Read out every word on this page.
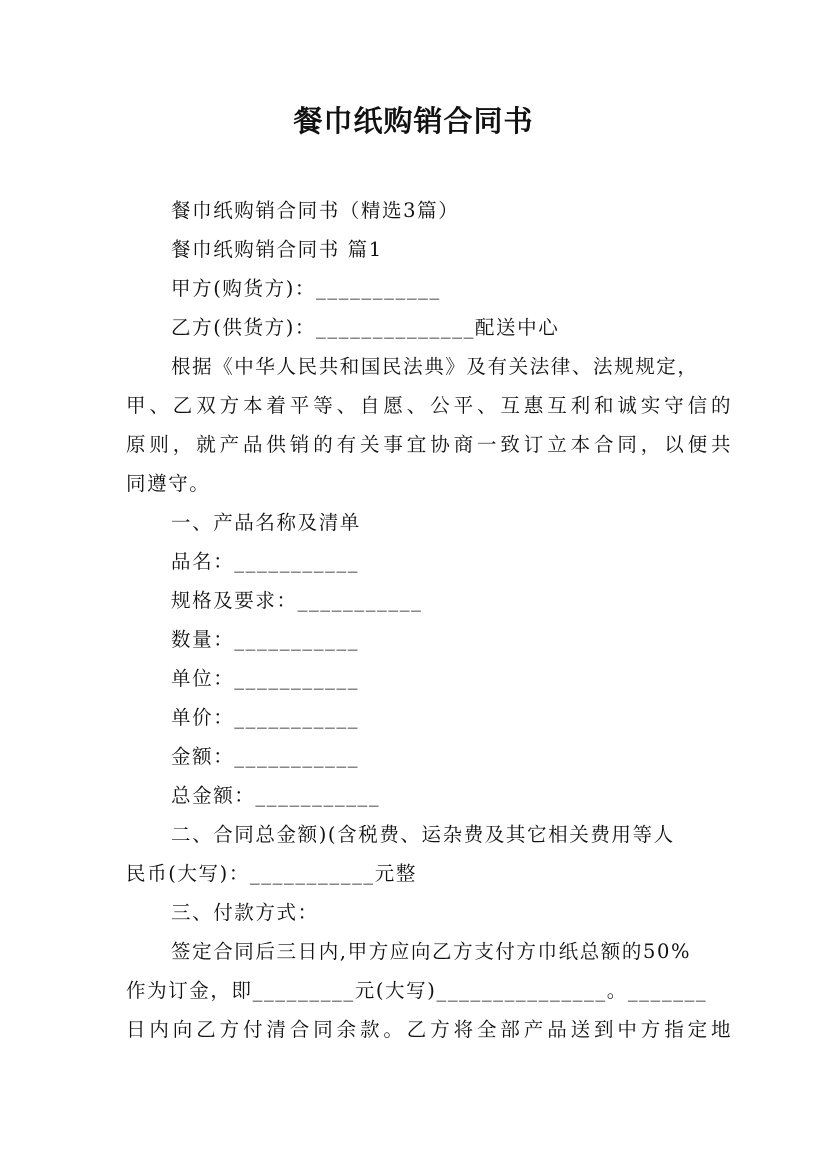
餐巾纸购销合同书
餐巾纸购销合同书（精选3篇）
餐巾纸购销合同书 篇1
甲方(购货方)：___________
乙方(供货方)：______________配送中心
根据《中华人民共和国民法典》及有关法律、法规规定，
甲、乙双方本着平等、自愿、公平、互惠互利和诚实守信的
原则，就产品供销的有关事宜协商一致订立本合同，以便共
同遵守。
一、产品名称及清单
品名：___________
规格及要求：___________
数量：___________
单位：___________
单价：___________
金额：___________
总金额：___________
二、合同总金额)(含税费、运杂费及其它相关费用等人
民币(大写)：___________元整
三、付款方式：
签定合同后三日内,甲方应向乙方支付方巾纸总额的50%
作为订金，即_________元(大写)_______________。_______
日内向乙方付清合同余款。乙方将全部产品送到中方指定地
